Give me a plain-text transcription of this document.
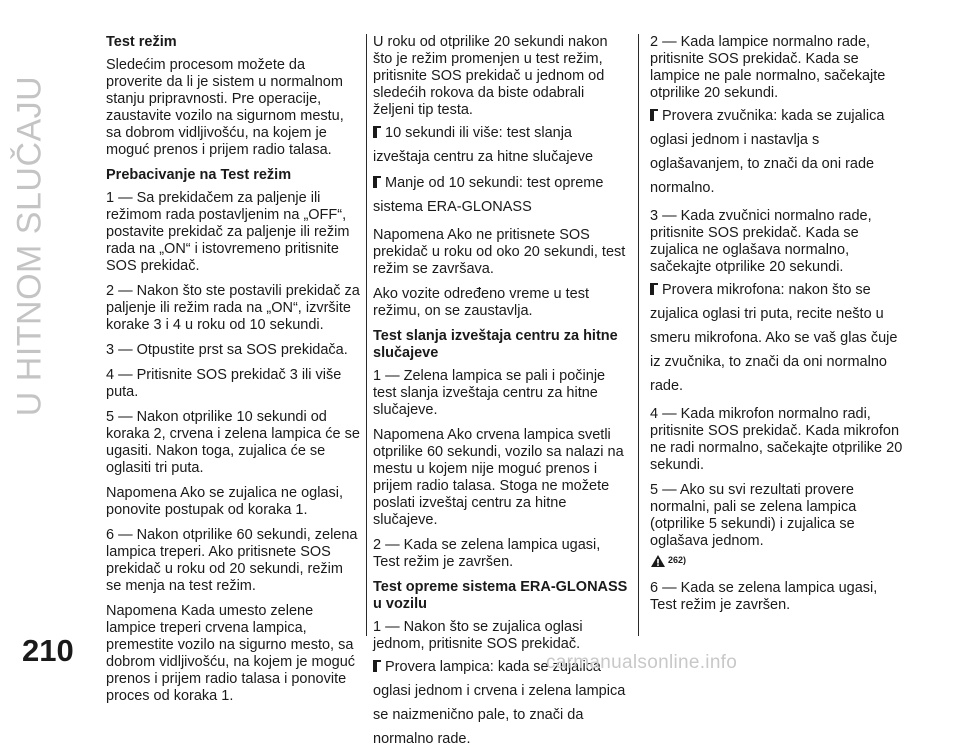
U HITNOM SLUČAJU
Test režim
Sledećim procesom možete da proverite da li je sistem u normalnom stanju pripravnosti. Pre operacije, zaustavite vozilo na sigurnom mestu, sa dobrom vidljivošću, na kojem je moguć prenos i prijem radio talasa.
Prebacivanje na Test režim
1 — Sa prekidačem za paljenje ili režimom rada postavljenim na „OFF“, postavite prekidač za paljenje ili režim rada na „ON“ i istovremeno pritisnite SOS prekidač.
2 — Nakon što ste postavili prekidač za paljenje ili režim rada na „ON“, izvršite korake 3 i 4 u roku od 10 sekundi.
3 — Otpustite prst sa SOS prekidača.
4 — Pritisnite SOS prekidač 3 ili više puta.
5 — Nakon otprilike 10 sekundi od koraka 2, crvena i zelena lampica će se ugasiti. Nakon toga, zujalica će se oglasiti tri puta.
Napomena Ako se zujalica ne oglasi, ponovite postupak od koraka 1.
6 — Nakon otprilike 60 sekundi, zelena lampica treperi. Ako pritisnete SOS prekidač u roku od 20 sekundi, režim se menja na test režim.
Napomena Kada umesto zelene lampice treperi crvena lampica, premestite vozilo na sigurno mesto, sa dobrom vidljivošću, na kojem je moguć prenos i prijem radio talasa i ponovite proces od koraka 1.
U roku od otprilike 20 sekundi nakon što je režim promenjen u test režim, pritisnite SOS prekidač u jednom od sledećih rokova da biste odabrali željeni tip testa.
10 sekundi ili više: test slanja izveštaja centru za hitne slučajeve
Manje od 10 sekundi: test opreme sistema ERA-GLONASS
Napomena Ako ne pritisnete SOS prekidač u roku od oko 20 sekundi, test režim se završava.
Ako vozite određeno vreme u test režimu, on se zaustavlja.
Test slanja izveštaja centru za hitne slučajeve
1 — Zelena lampica se pali i počinje test slanja izveštaja centru za hitne slučajeve.
Napomena Ako crvena lampica svetli otprilike 60 sekundi, vozilo sa nalazi na mestu u kojem nije moguć prenos i prijem radio talasa. Stoga ne možete poslati izveštaj centru za hitne slučajeve.
2 — Kada se zelena lampica ugasi, Test režim je završen.
Test opreme sistema ERA-GLONASS u vozilu
1 — Nakon što se zujalica oglasi jednom, pritisnite SOS prekidač.
Provera lampica: kada se zujalica oglasi jednom i crvena i zelena lampica se naizmenično pale, to znači da normalno rade.
2 — Kada lampice normalno rade, pritisnite SOS prekidač. Kada se lampice ne pale normalno, sačekajte otprilike 20 sekundi.
Provera zvučnika: kada se zujalica oglasi jednom i nastavlja s oglašavanjem, to znači da oni rade normalno.
3 — Kada zvučnici normalno rade, pritisnite SOS prekidač. Kada se zujalica ne oglašava normalno, sačekajte otprilike 20 sekundi.
Provera mikrofona: nakon što se zujalica oglasi tri puta, recite nešto u smeru mikrofona. Ako se vaš glas čuje iz zvučnika, to znači da oni normalno rade.
4 — Kada mikrofon normalno radi, pritisnite SOS prekidač. Kada mikrofon ne radi normalno, sačekajte otprilike 20 sekundi.
5 — Ako su svi rezultati provere normalni, pali se zelena lampica (otprilike 5 sekundi) i zujalica se oglašava jednom.
262)
6 — Kada se zelena lampica ugasi, Test režim je završen.
210	carmanualsonline.info
